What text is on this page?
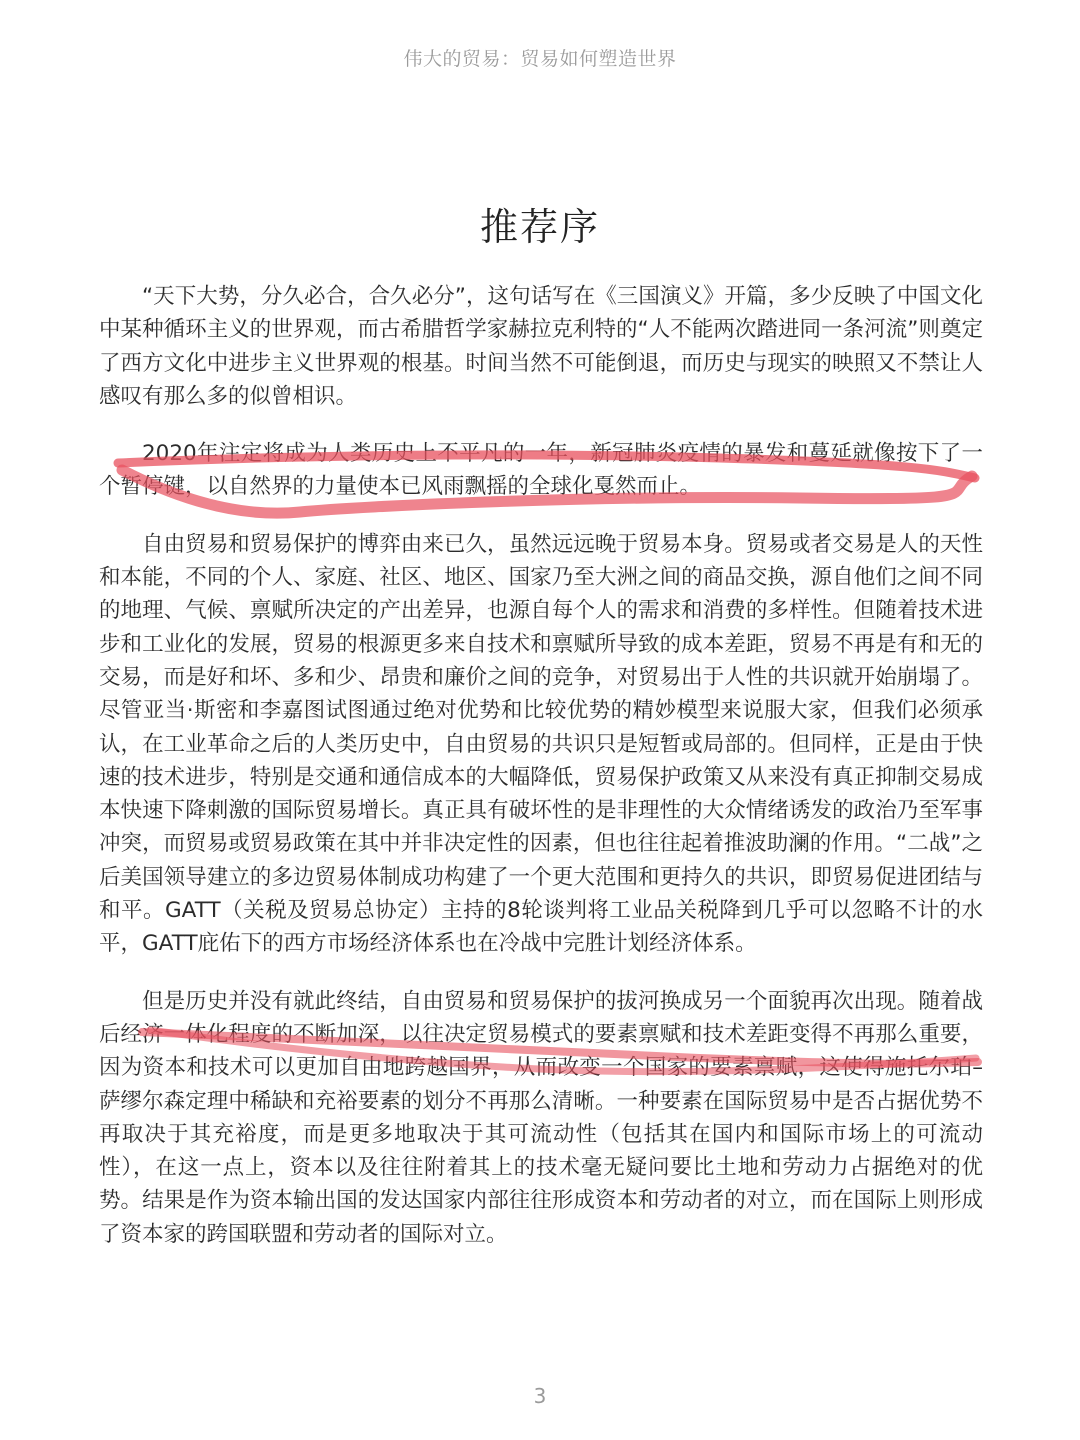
伟大的贸易：贸易如何塑造世界
推荐序

“天下大势，分久必合，合久必分”，这句话写在《三国演义》开篇，多少反映了中国文化中某种循环主义的世界观，而古希腊哲学家赫拉克利特的“人不能两次踏进同一条河流”则奠定了西方文化中进步主义世界观的根基。时间当然不可能倒退，而历史与现实的映照又不禁让人感叹有那么多的似曾相识。

2020年注定将成为人类历史上不平凡的一年，新冠肺炎疫情的暴发和蔓延就像按下了一个暂停键，以自然界的力量使本已风雨飘摇的全球化戛然而止。

自由贸易和贸易保护的博弈由来已久，虽然远远晚于贸易本身。贸易或者交易是人的天性和本能，不同的个人、家庭、社区、地区、国家乃至大洲之间的商品交换，源自他们之间不同的地理、气候、禀赋所决定的产出差异，也源自每个人的需求和消费的多样性。但随着技术进步和工业化的发展，贸易的根源更多来自技术和禀赋所导致的成本差距，贸易不再是有和无的交易，而是好和坏、多和少、昂贵和廉价之间的竞争，对贸易出于人性的共识就开始崩塌了。尽管亚当·斯密和李嘉图试图通过绝对优势和比较优势的精妙模型来说服大家，但我们必须承认，在工业革命之后的人类历史中，自由贸易的共识只是短暂或局部的。但同样，正是由于快速的技术进步，特别是交通和通信成本的大幅降低，贸易保护政策又从来没有真正抑制交易成本快速下降刺激的国际贸易增长。真正具有破坏性的是非理性的大众情绪诱发的政治乃至军事冲突，而贸易或贸易政策在其中并非决定性的因素，但也往往起着推波助澜的作用。“二战”之后美国领导建立的多边贸易体制成功构建了一个更大范围和更持久的共识，即贸易促进团结与和平。GATT（关税及贸易总协定）主持的8轮谈判将工业品关税降到几乎可以忽略不计的水平，GATT庇佑下的西方市场经济体系也在冷战中完胜计划经济体系。

但是历史并没有就此终结，自由贸易和贸易保护的拔河换成另一个面貌再次出现。随着战后经济一体化程度的不断加深，以往决定贸易模式的要素禀赋和技术差距变得不再那么重要，因为资本和技术可以更加自由地跨越国界，从而改变一个国家的要素禀赋，这使得施托尔珀–萨缪尔森定理中稀缺和充裕要素的划分不再那么清晰。一种要素在国际贸易中是否占据优势不再取决于其充裕度，而是更多地取决于其可流动性（包括其在国内和国际市场上的可流动性），在这一点上，资本以及往往附着其上的技术毫无疑问要比土地和劳动力占据绝对的优势。结果是作为资本输出国的发达国家内部往往形成资本和劳动者的对立，而在国际上则形成了资本家的跨国联盟和劳动者的国际对立。

3
